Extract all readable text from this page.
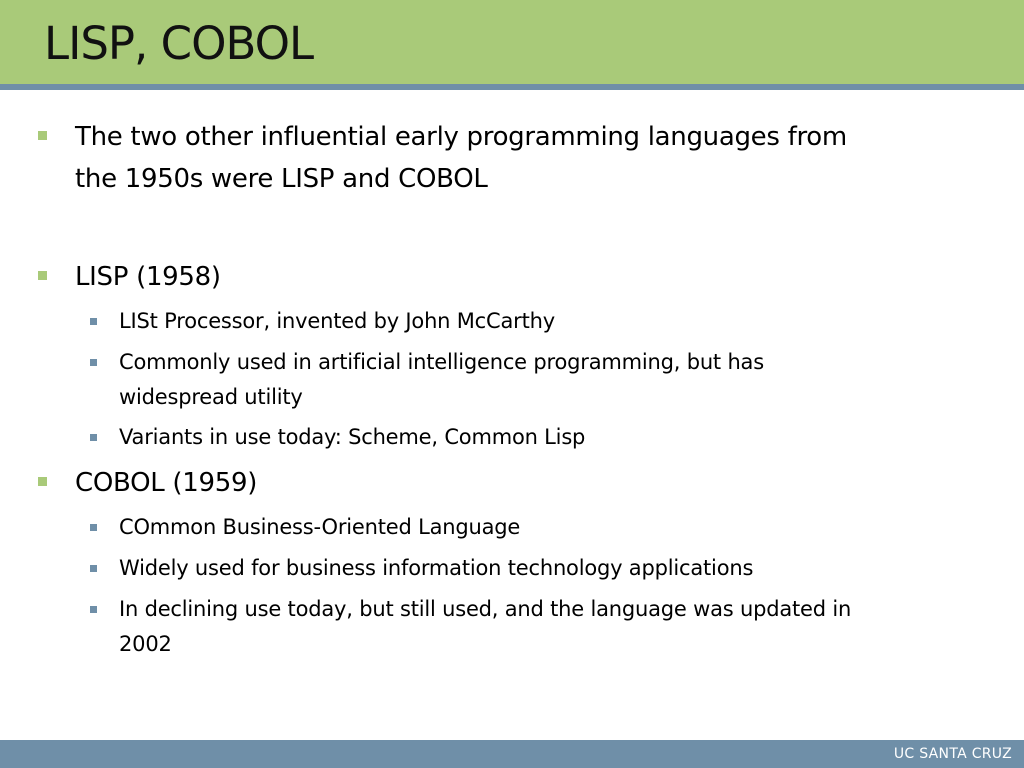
LISP, COBOL
The two other influential early programming languages from
the 1950s were LISP and COBOL
LISP (1958)
LISt Processor, invented by John McCarthy
Commonly used in artificial intelligence programming, but has
widespread utility
Variants in use today: Scheme, Common Lisp
COBOL (1959)
COmmon Business-Oriented Language
Widely used for business information technology applications
In declining use today, but still used, and the language was updated in
2002
UC SANTA CRUZ
